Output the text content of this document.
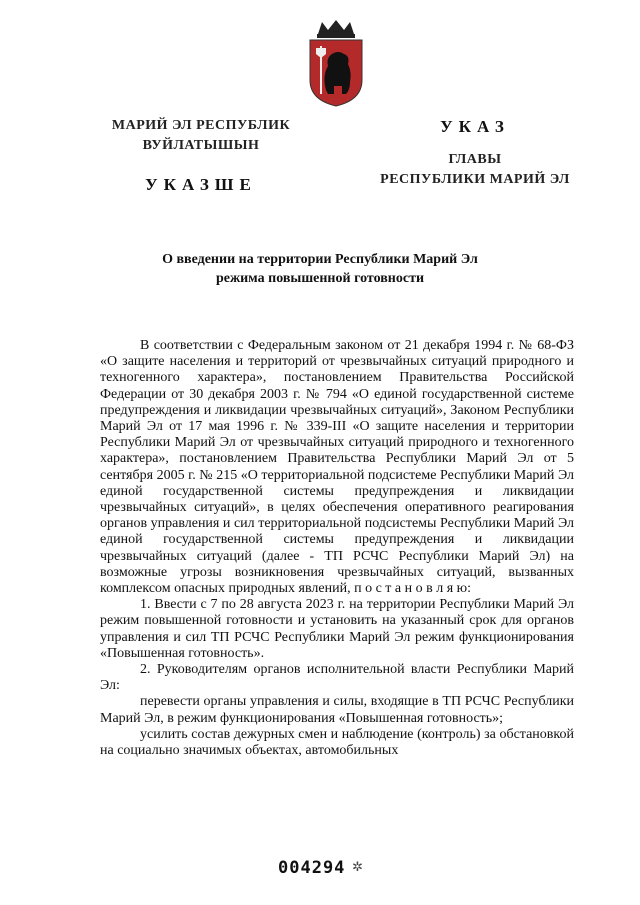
МАРИЙ ЭЛ РЕСПУБЛИК
ВУЙЛАТЫШЫН
УКАЗШЕ
УКАЗ
ГЛАВЫ
РЕСПУБЛИКИ МАРИЙ ЭЛ
О введении на территории Республики Марий Эл
режима повышенной готовности

В соответствии с Федеральным законом от 21 декабря 1994 г. № 68-ФЗ «О защите населения и территорий от чрезвычайных ситуаций природного и техногенного характера», постановлением Правительства Российской Федерации от 30 декабря 2003 г. № 794 «О единой государственной системе предупреждения и ликвидации чрезвычайных ситуаций», Законом Республики Марий Эл от 17 мая 1996 г. № 339-III «О защите населения и территории Республики Марий Эл от чрезвычайных ситуаций природного и техногенного характера», постановлением Правительства Республики Марий Эл от 5 сентября 2005 г. № 215 «О территориальной подсистеме Республики Марий Эл единой государственной системы предупреждения и ликвидации чрезвычайных ситуаций», в целях обеспечения оперативного реагирования органов управления и сил территориальной подсистемы Республики Марий Эл единой государственной системы предупреждения и ликвидации чрезвычайных ситуаций (далее - ТП РСЧС Республики Марий Эл) на возможные угрозы возникновения чрезвычайных ситуаций, вызванных комплексом опасных природных явлений, п о с т а н о в л я ю:

1. Ввести с 7 по 28 августа 2023 г. на территории Республики Марий Эл режим повышенной готовности и установить на указанный срок для органов управления и сил ТП РСЧС Республики Марий Эл режим функционирования «Повышенная готовность».

2. Руководителям органов исполнительной власти Республики Марий Эл:

перевести органы управления и силы, входящие в ТП РСЧС Республики Марий Эл, в режим функционирования «Повышенная готовность»;

усилить состав дежурных смен и наблюдение (контроль) за обстановкой на социально значимых объектах, автомобильных

004294 ✲
